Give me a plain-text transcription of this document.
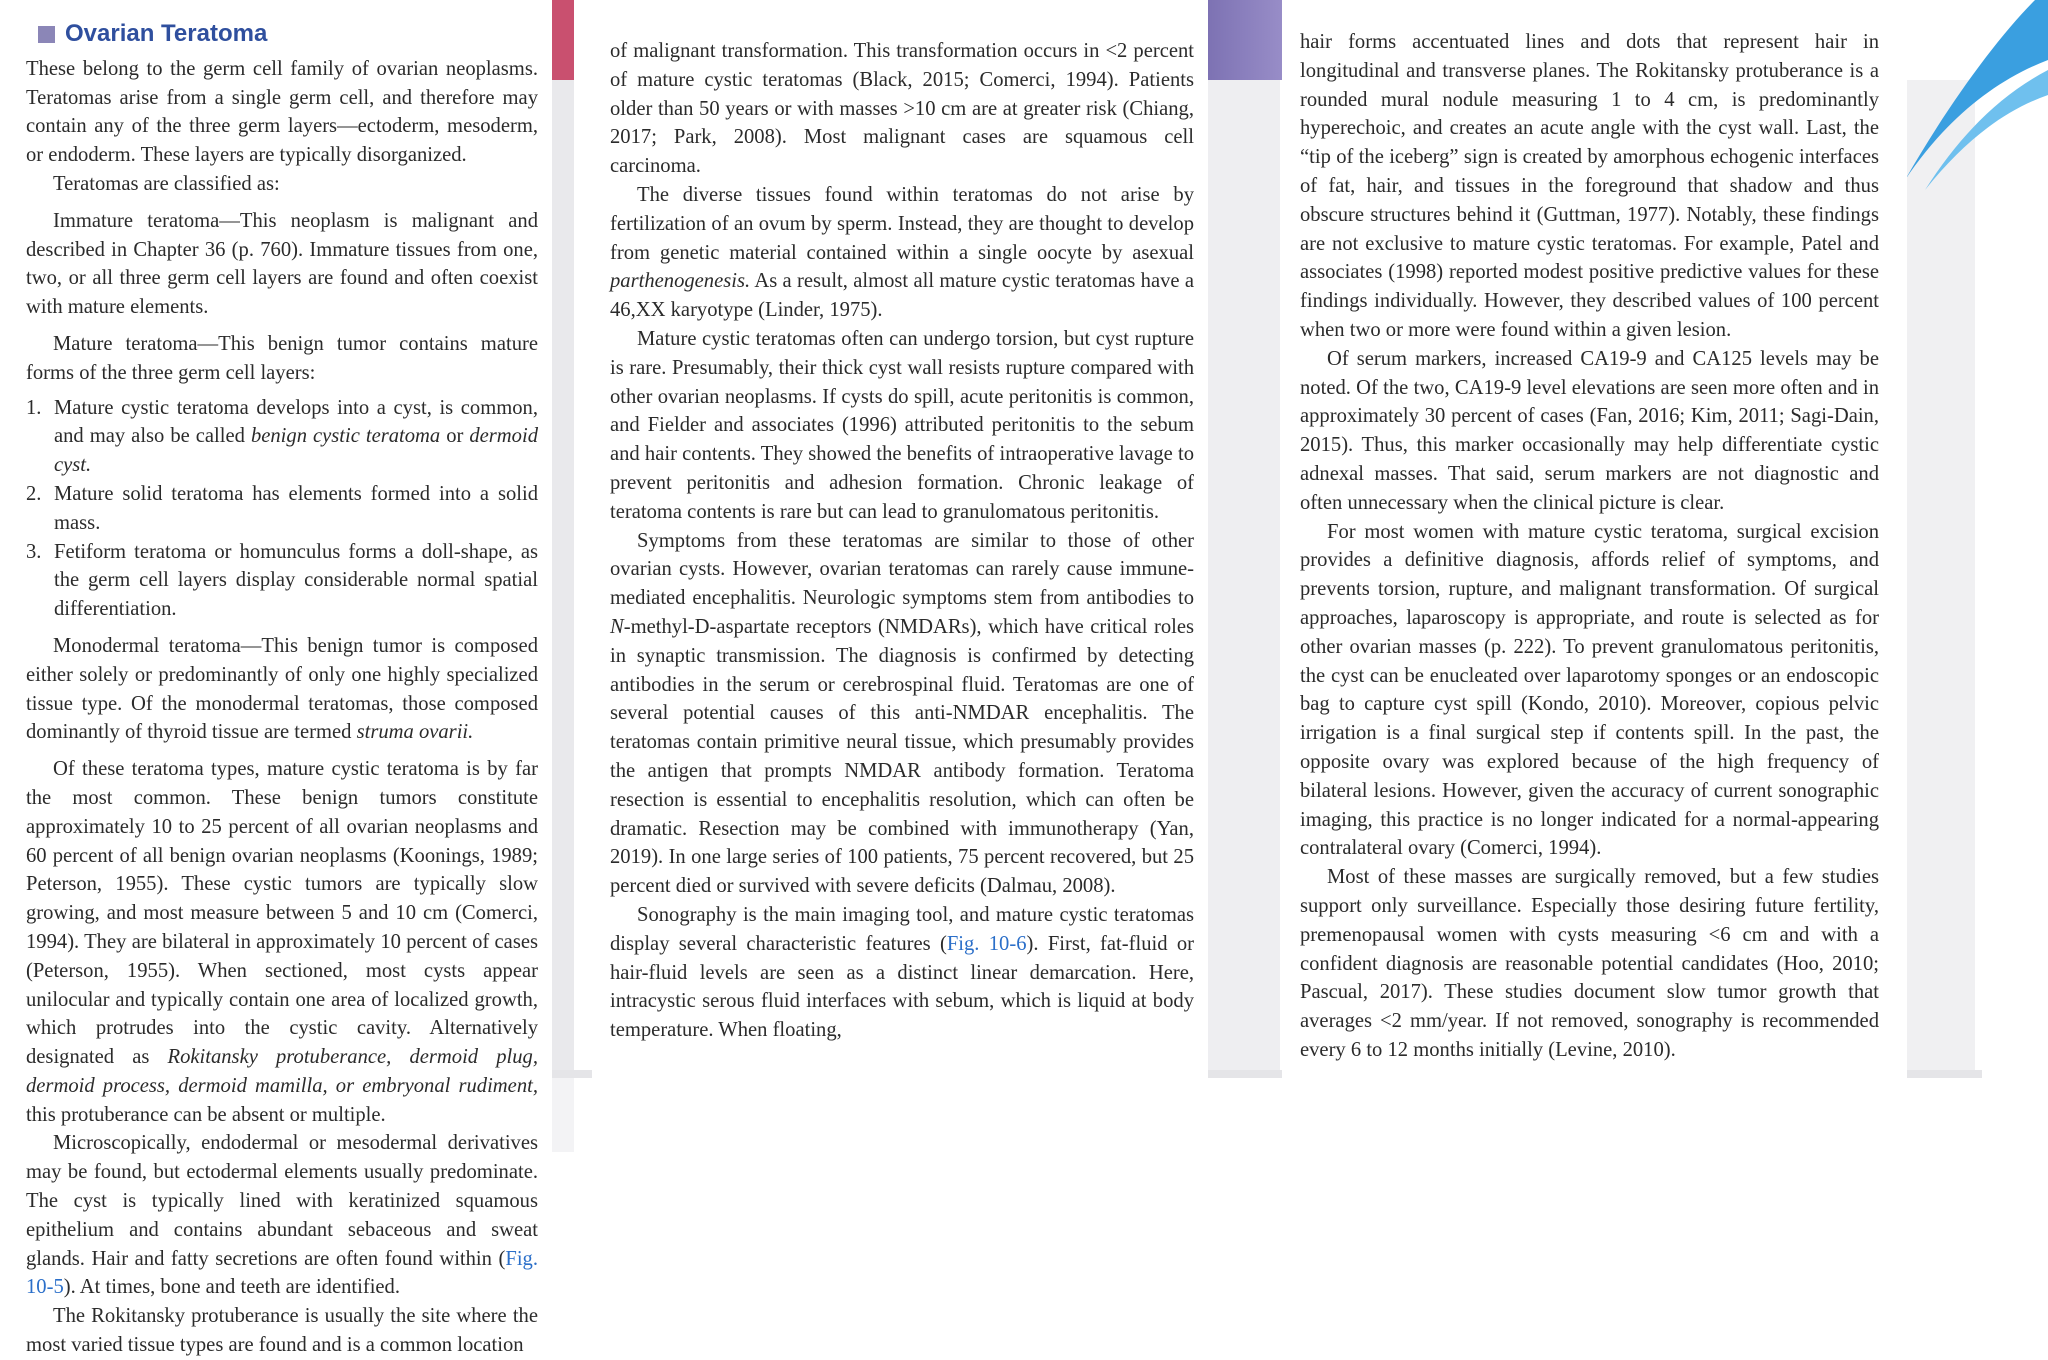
Ovarian Teratoma

These belong to the germ cell family of ovarian neoplasms. Teratomas arise from a single germ cell, and therefore may contain any of the three germ layers—ectoderm, mesoderm, or endoderm. These layers are typically disorganized.

Teratomas are classified as:

Immature teratoma—This neoplasm is malignant and described in Chapter 36 (p. 760). Immature tissues from one, two, or all three germ cell layers are found and often coexist with mature elements.

Mature teratoma—This benign tumor contains mature forms of the three germ cell layers:

1. Mature cystic teratoma develops into a cyst, is common, and may also be called benign cystic teratoma or dermoid cyst.
2. Mature solid teratoma has elements formed into a solid mass.
3. Fetiform teratoma or homunculus forms a doll-shape, as the germ cell layers display considerable normal spatial differentiation.

Monodermal teratoma—This benign tumor is composed either solely or predominantly of only one highly specialized tissue type. Of the monodermal teratomas, those composed dominantly of thyroid tissue are termed struma ovarii.

Of these teratoma types, mature cystic teratoma is by far the most common. These benign tumors constitute approximately 10 to 25 percent of all ovarian neoplasms and 60 percent of all benign ovarian neoplasms (Koonings, 1989; Peterson, 1955). These cystic tumors are typically slow growing, and most measure between 5 and 10 cm (Comerci, 1994). They are bilateral in approximately 10 percent of cases (Peterson, 1955). When sectioned, most cysts appear unilocular and typically contain one area of localized growth, which protrudes into the cystic cavity. Alternatively designated as Rokitansky protuberance, dermoid plug, dermoid process, dermoid mamilla, or embryonal rudiment, this protuberance can be absent or multiple.

Microscopically, endodermal or mesodermal derivatives may be found, but ectodermal elements usually predominate. The cyst is typically lined with keratinized squamous epithelium and contains abundant sebaceous and sweat glands. Hair and fatty secretions are often found within (Fig. 10-5). At times, bone and teeth are identified.

The Rokitansky protuberance is usually the site where the most varied tissue types are found and is a common location

of malignant transformation. This transformation occurs in <2 percent of mature cystic teratomas (Black, 2015; Comerci, 1994). Patients older than 50 years or with masses >10 cm are at greater risk (Chiang, 2017; Park, 2008). Most malignant cases are squamous cell carcinoma.

The diverse tissues found within teratomas do not arise by fertilization of an ovum by sperm. Instead, they are thought to develop from genetic material contained within a single oocyte by asexual parthenogenesis. As a result, almost all mature cystic teratomas have a 46,XX karyotype (Linder, 1975).

Mature cystic teratomas often can undergo torsion, but cyst rupture is rare. Presumably, their thick cyst wall resists rupture compared with other ovarian neoplasms. If cysts do spill, acute peritonitis is common, and Fielder and associates (1996) attributed peritonitis to the sebum and hair contents. They showed the benefits of intraoperative lavage to prevent peritonitis and adhesion formation. Chronic leakage of teratoma contents is rare but can lead to granulomatous peritonitis.

Symptoms from these teratomas are similar to those of other ovarian cysts. However, ovarian teratomas can rarely cause immune-mediated encephalitis. Neurologic symptoms stem from antibodies to N-methyl-D-aspartate receptors (NMDARs), which have critical roles in synaptic transmission. The diagnosis is confirmed by detecting antibodies in the serum or cerebrospinal fluid. Teratomas are one of several potential causes of this anti-NMDAR encephalitis. The teratomas contain primitive neural tissue, which presumably provides the antigen that prompts NMDAR antibody formation. Teratoma resection is essential to encephalitis resolution, which can often be dramatic. Resection may be combined with immunotherapy (Yan, 2019). In one large series of 100 patients, 75 percent recovered, but 25 percent died or survived with severe deficits (Dalmau, 2008).

Sonography is the main imaging tool, and mature cystic teratomas display several characteristic features (Fig. 10-6). First, fat-fluid or hair-fluid levels are seen as a distinct linear demarcation. Here, intracystic serous fluid interfaces with sebum, which is liquid at body temperature. When floating,

hair forms accentuated lines and dots that represent hair in longitudinal and transverse planes. The Rokitansky protuberance is a rounded mural nodule measuring 1 to 4 cm, is predominantly hyperechoic, and creates an acute angle with the cyst wall. Last, the “tip of the iceberg” sign is created by amorphous echogenic interfaces of fat, hair, and tissues in the foreground that shadow and thus obscure structures behind it (Guttman, 1977). Notably, these findings are not exclusive to mature cystic teratomas. For example, Patel and associates (1998) reported modest positive predictive values for these findings individually. However, they described values of 100 percent when two or more were found within a given lesion.

Of serum markers, increased CA19-9 and CA125 levels may be noted. Of the two, CA19-9 level elevations are seen more often and in approximately 30 percent of cases (Fan, 2016; Kim, 2011; Sagi-Dain, 2015). Thus, this marker occasionally may help differentiate cystic adnexal masses. That said, serum markers are not diagnostic and often unnecessary when the clinical picture is clear.

For most women with mature cystic teratoma, surgical excision provides a definitive diagnosis, affords relief of symptoms, and prevents torsion, rupture, and malignant transformation. Of surgical approaches, laparoscopy is appropriate, and route is selected as for other ovarian masses (p. 222). To prevent granulomatous peritonitis, the cyst can be enucleated over laparotomy sponges or an endoscopic bag to capture cyst spill (Kondo, 2010). Moreover, copious pelvic irrigation is a final surgical step if contents spill. In the past, the opposite ovary was explored because of the high frequency of bilateral lesions. However, given the accuracy of current sonographic imaging, this practice is no longer indicated for a normal-appearing contralateral ovary (Comerci, 1994).

Most of these masses are surgically removed, but a few studies support only surveillance. Especially those desiring future fertility, premenopausal women with cysts measuring <6 cm and with a confident diagnosis are reasonable potential candidates (Hoo, 2010; Pascual, 2017). These studies document slow tumor growth that averages <2 mm/year. If not removed, sonography is recommended every 6 to 12 months initially (Levine, 2010).
